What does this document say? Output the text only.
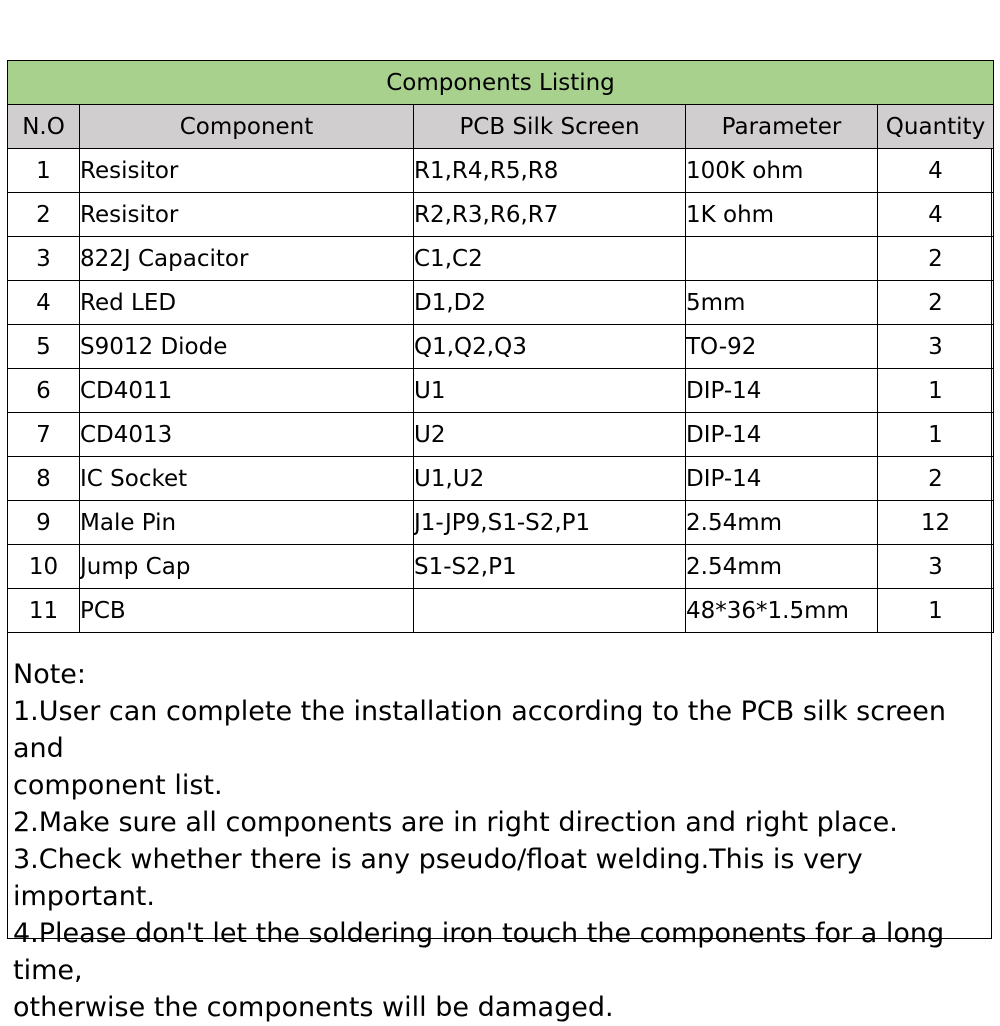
Components Listing				
N.O	Component	PCB Silk Screen	Parameter	Quantity
1	Resisitor	R1,R4,R5,R8	100K ohm	4
2	Resisitor	R2,R3,R6,R7	1K ohm	4
3	822J Capacitor	C1,C2		2
4	Red LED	D1,D2	5mm	2
5	S9012 Diode	Q1,Q2,Q3	TO-92	3
6	CD4011	U1	DIP-14	1
7	CD4013	U2	DIP-14	1
8	IC Socket	U1,U2	DIP-14	2
9	Male Pin	J1-JP9,S1-S2,P1	2.54mm	12
10	Jump Cap	S1-S2,P1	2.54mm	3
11	PCB		48*36*1.5mm	1
Note:
1.User can complete the installation according to the PCB silk screen and
component list.
2.Make sure all components are in right direction and right place.
3.Check whether there is any pseudo/float welding.This is very important.
4.Please don't let the soldering iron touch the components for a long time,
otherwise the components will be damaged.
